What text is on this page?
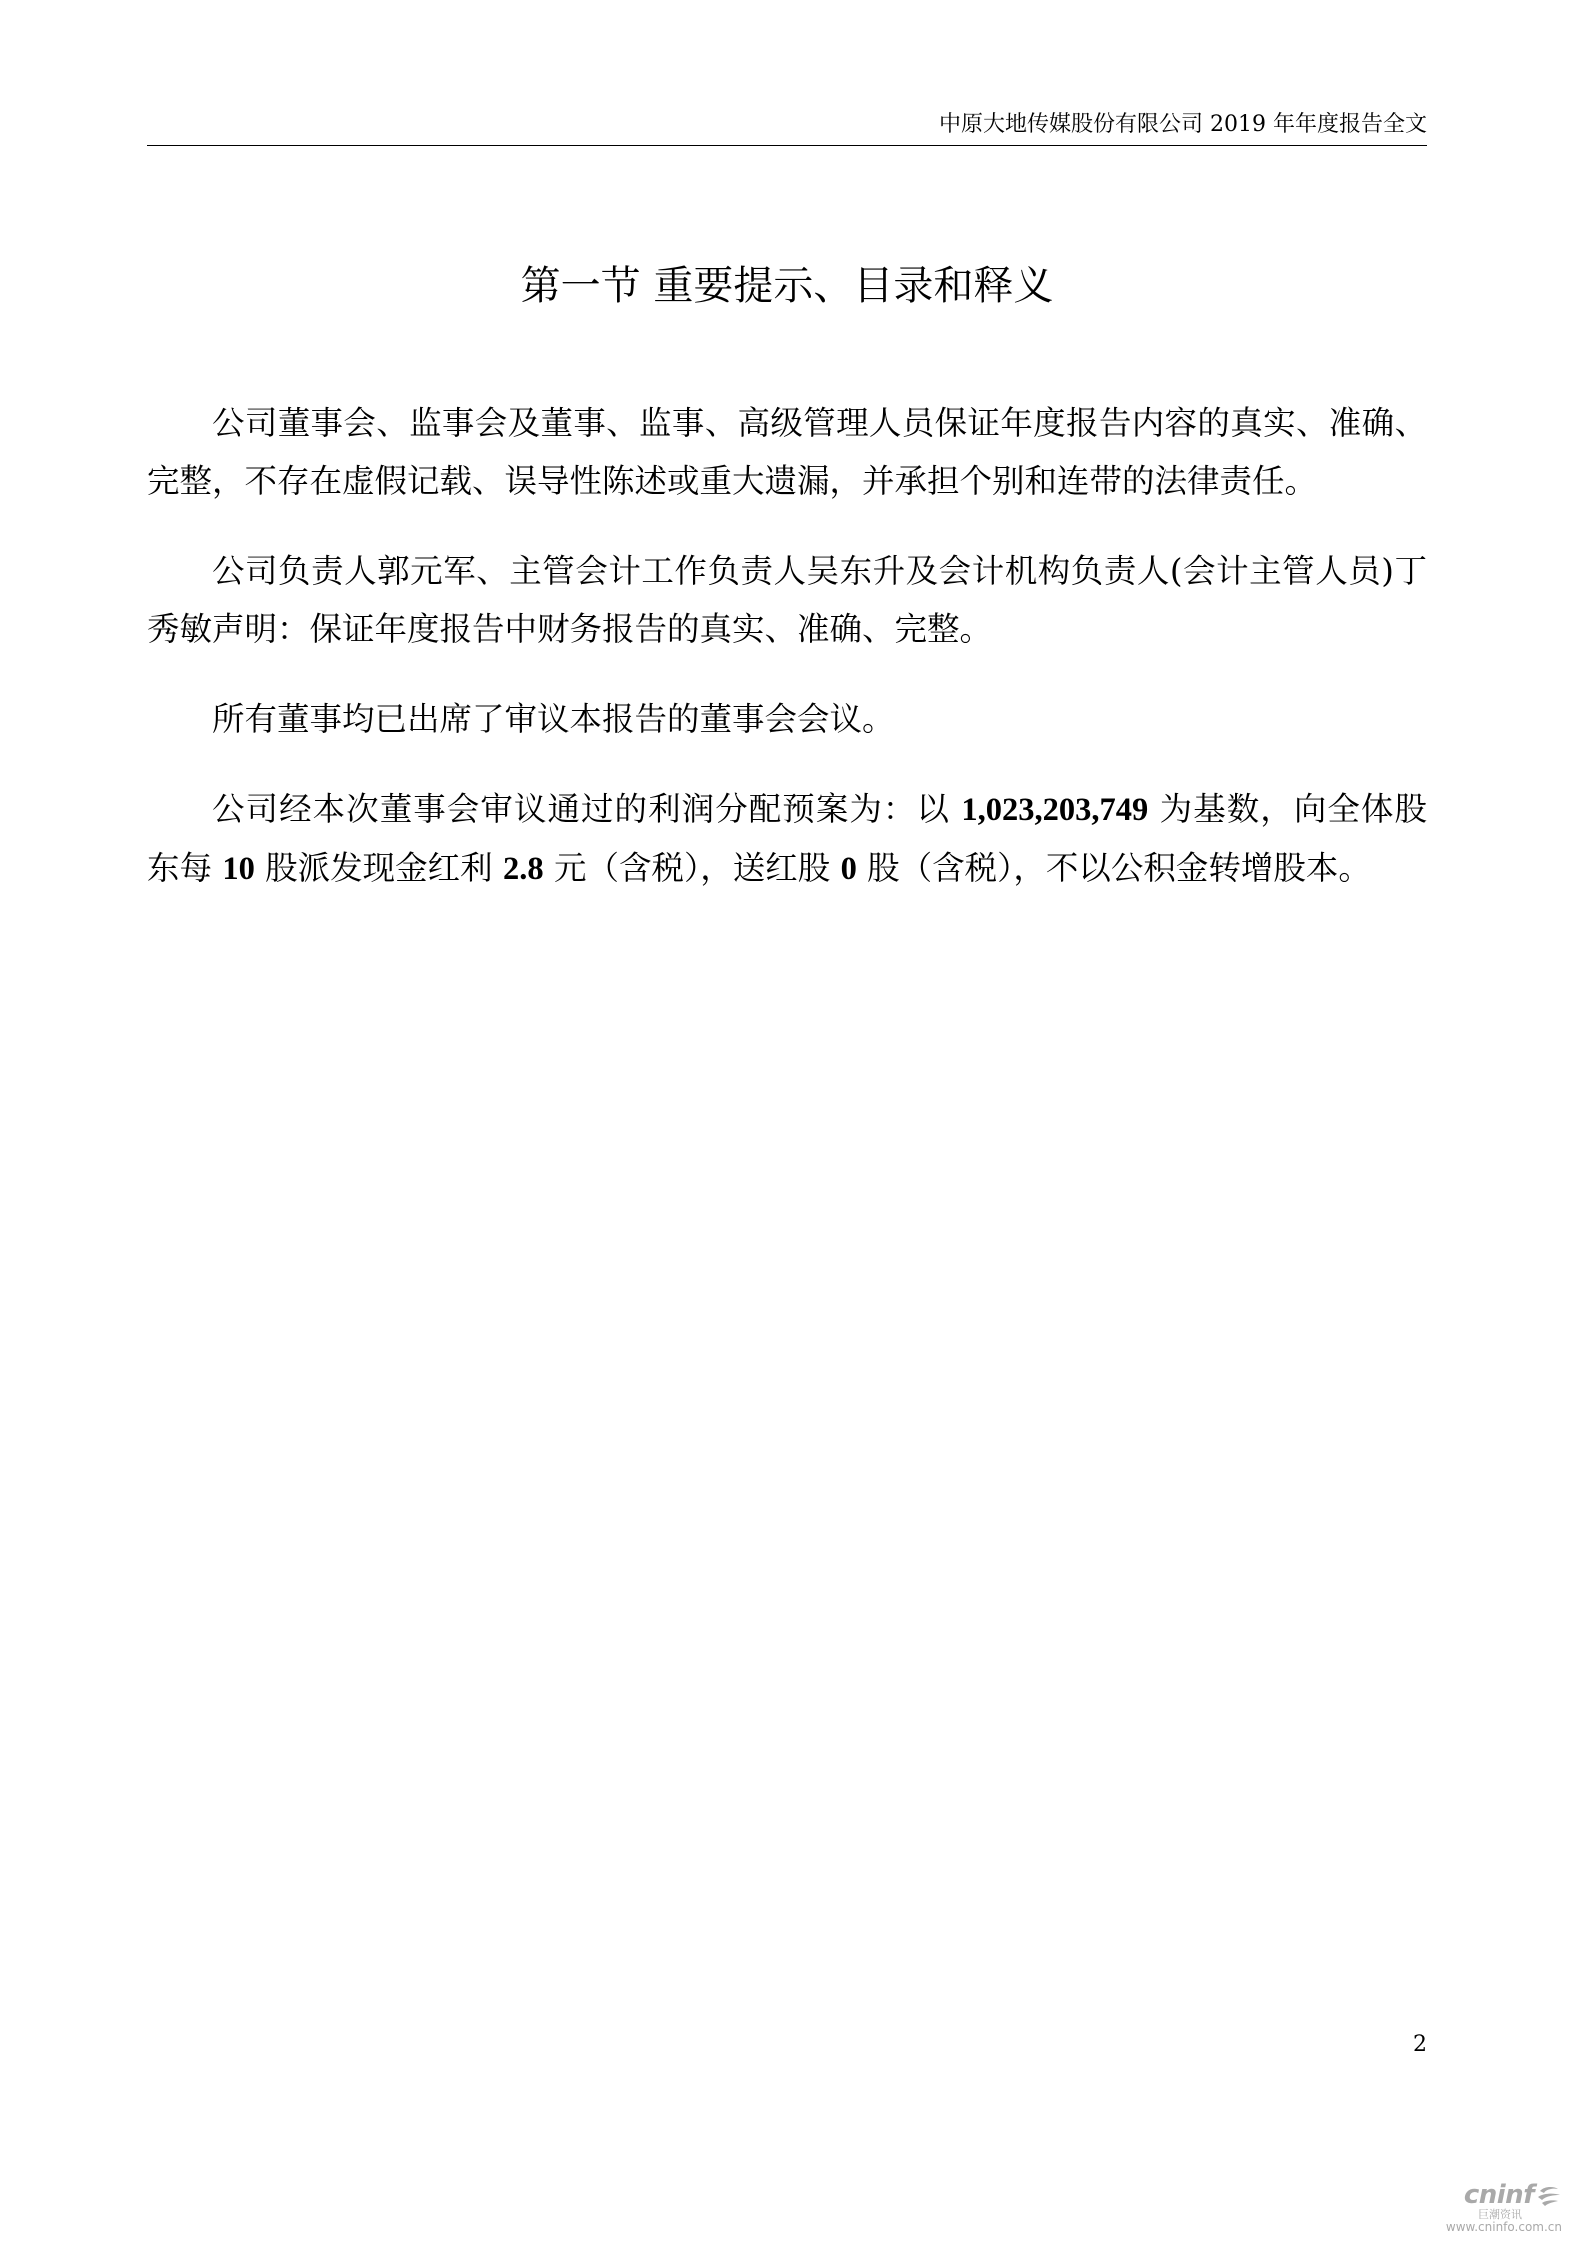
中原大地传媒股份有限公司 2019 年年度报告全文
第一节 重要提示、目录和释义

公司董事会、监事会及董事、监事、高级管理人员保证年度报告内容的真实、准确、完整，不存在虚假记载、误导性陈述或重大遗漏，并承担个别和连带的法律责任。

公司负责人郭元军、主管会计工作负责人吴东升及会计机构负责人(会计主管人员)丁秀敏声明：保证年度报告中财务报告的真实、准确、完整。

所有董事均已出席了审议本报告的董事会会议。

公司经本次董事会审议通过的利润分配预案为：以 1,023,203,749 为基数，向全体股东每 10 股派发现金红利 2.8 元（含税），送红股 0 股（含税），不以公积金转增股本。

2
cninf
巨潮资讯
www.cninfo.com.cn
